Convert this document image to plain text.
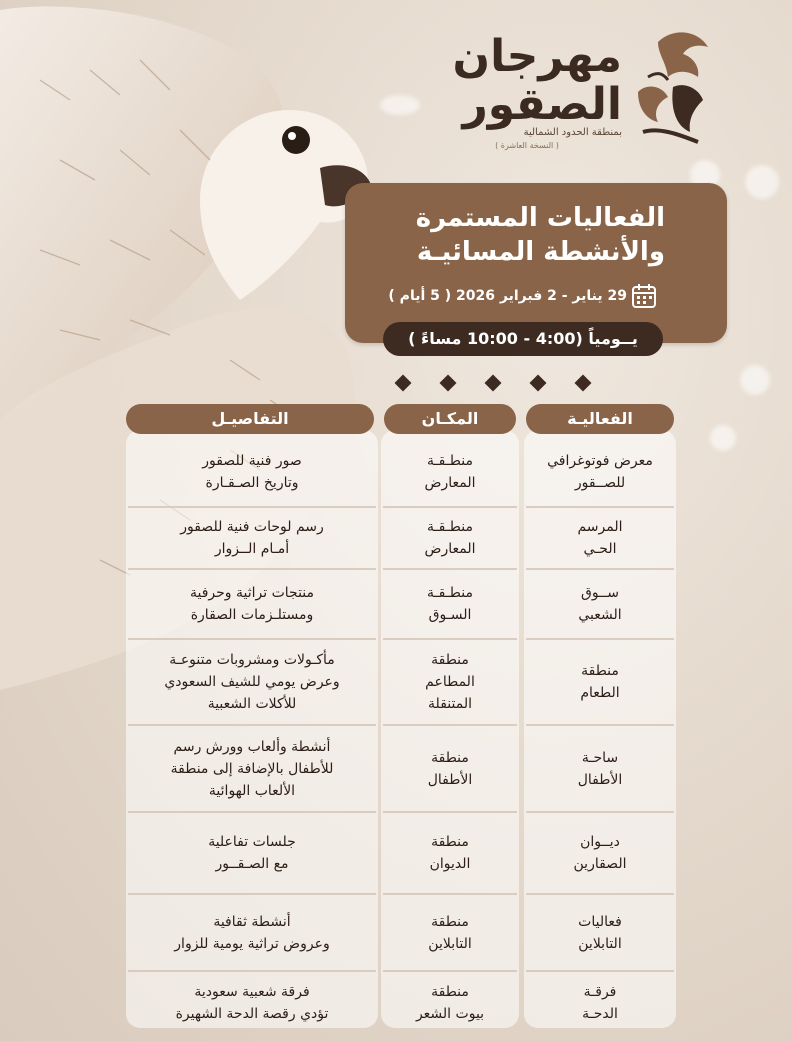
مهرجان
الصقور
بمنطقة الحدود الشمالية
( النسخة العاشرة )
الفعاليات المستمرة
والأنشطة المسائيـة
29 يناير - 2 فبراير 2026 ( 5 أيام )
يــومياً (4:00 - 10:00 مساءً )
التفاصيـل	المكـان	الفعاليـة
صور فنية للصقور
وتاريخ الصـقـارة
منطـقـة
المعارض
معرض فوتوغرافي
للصــقور
رسم لوحات فنية للصقور
أمـام الــزوار
منطـقـة
المعارض
المرسم
الحـي
منتجات تراثية وحرفية
ومستلـزمات الصقارة
منطـقـة
السـوق
ســوق
الشعبي
مأكـولات ومشروبات متنوعـة
وعرض يومي للشيف السعودي
للأكلات الشعبية
منطقة
المطاعم
المتنقلة
منطقة
الطعام
أنشطة وألعاب وورش رسم
للأطفال بالإضافة إلى منطقة
الألعاب الهوائية
منطقة
الأطفال
ساحـة
الأطفال
جلسات تفاعلية
مع الصـقــور
منطقة
الديوان
ديــوان
الصقارين
أنشطة ثقافية
وعروض تراثية يومية للزوار
منطقة
التابلاين
فعاليات
التابلاين
فرقة شعبية سعودية
تؤدي رقصة الدحة الشهيرة
منطقة
بيوت الشعر
فرقـة
الدحـة
